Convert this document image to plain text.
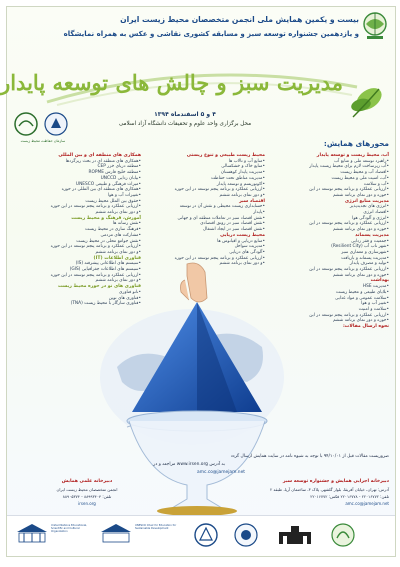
بیست و یکمین همایش ملی انجمن متخصصان محیط زیست ایران
و یازدهمین جشنواره توسعه سبز و مسابقه کشوری نقاشی و عکس به همراه نمایشگاه
مدیریت سبز و چالش های توسعه پایدار
سازمان حفاظت محیط زیست
۴ و ۵ اسفندماه ۱۳۹۴
محل برگزاری واحد علوم و تحقیقات دانشگاه آزاد اسلامی
محورهای همایش:
آب، محیط زیست و توسعه پایدار
•راهبرد توسعه ملی و منابع آب
•آب زیرساخت لازم برای محیط زیست پایدار
•اقتصاد آب و محیط زیست
•آب، امنیت ملی و محیط زیست
•آب و سلامت
•ارزیابی عملکرد و برنامه پنجم توسعه در این
•حوزه و دور نمای برنامه ششم
مدیریت منابع انرژی
•انرژی های تجدیدپذیر
•اقتصاد انرژی
•انرژی و آلودگی هوا
•ارزیابی عملکرد و برنامه پنجم توسعه در این
•حوزه و دور نمای برنامه ششم
مدیریت پسماند
•جمعیت و فقر زدایی
•شهر ناب آب (Resilient City)
•شهرسازی و معماری سبز
•مدیریت پسماند و بازیافت
•تولید و مصرف پایدار
•ارزیابی عملکرد و برنامه پنجم توسعه در این
•حوزه و دور نمای برنامه ششم
بهداشت
•مدیریت HSE
•بلایای طبیعی و محیط زیست
•سلامت عمومی و مواد غذایی
•تغییر آب و هوا
•سلامت و امنیت
•ارزیابی عملکرد و برنامه پنجم توسعه در این
•حوزه و دور نمای برنامه ششم
نحوه ارسال مقالات:
محیط زیست طبیعی و تنوع زیستی
•منابع آب و تالاب ها
•منابع خاک و خشکسالی
•مدیریت پایدار کوهستان
•مدیریت مناطق تحت حفاظت
•اکوتوریسم و توسعه پایدار
•ارزیابی عملکرد و برنامه پنجم توسعه در این حوزه
•و دور نمای برنامه ششم
اقتصاد سبز
•حسابداری زیست محیطی و نقش آن در توسعه
•پایدار
•نقش اقتصاد سبز در تعاملات منطقه ای و جهانی
•نقش اقتصاد سبز در رونق اقتصادی
•نقش اقتصاد سبز در ایجاد اشتغال
محیط زیست دریایی
•منابع دریایی و اقیانوس ها
•مدیریت سواحل
•آلودگی های دریایی
•ارزیابی عملکرد و برنامه پنجم توسعه در این حوزه
•و دور نمای برنامه ششم
همکاری های منطقه ای و بین المللی
•همکاری های منطقه ای در بحث ریزگردها
•منطقه دریای خزر CEP
•منطقه خلیج فارس ROPME
•بیابان زدایی UNCCD
•میراث فرهنگی و طبیعی UNESCO
•همکاری های منطقه ای بین المللی در حوزه
•تغییرات آب و هوا
•حقوق بین الملل محیط زیست
•ارزیابی عملکرد و برنامه پنجم توسعه در این حوزه
•و دور نمای برنامه ششم
آموزش، فرهنگ و محیط زیست
•نقش رسانه ها
•فرهنگ سازی در محیط زیست
•مشارکت های مردمی
•نقش جوامع محلی در محیط زیست
•ارزیابی عملکرد و برنامه پنجم توسعه در این حوزه
•و دور نمای برنامه ششم
فناوری اطلاعات (IT)
•سیستم های اطلاعاتی پیشرفته (IS)
•سیستم های اطلاعات جغرافیایی (GIS)
•ارزیابی عملکرد و برنامه پنجم توسعه در این حوزه
•و دور نمای برنامه ششم
فناوری های نو در حوزه محیط زیست
•نانو فناوری
•فناوری های نوین
•فناوری سازگار با محیط زیست (TNA)
ضروریست مقالات قبل از ۹۴/۱۰/۰۱ با توجه به شیوه نامه در سایت همایش ارسال گردد
به آدرس www.irsen.org مراجعه و در
amc.co@jamejam.net
دبیرخانه اجرایی همایش و جشنواره توسعه سبز
آدرس: تهران، خیابان آفریقا، بلوار گلشهر، پلاک ۳، ساختمان آریا، طبقه ۲
تلفن: ۲۲۰۱۶۷۷۲ - ۲۲۰۱۶۷۷۸ فکس: ۲۲۰۱۶۷۷۲
amc.co@jamejam.net
دبیرخانه علمی همایش
انجمن متخصصان محیط زیست ایران
تلفن: ۸۸۹۹۳۴۰۴ - ۸۸۹۰۵۳۷۴
irsen.org
United Nations Educational, Scientific and Cultural Organization
UNESCO Chair for Education for Sustainable Development
